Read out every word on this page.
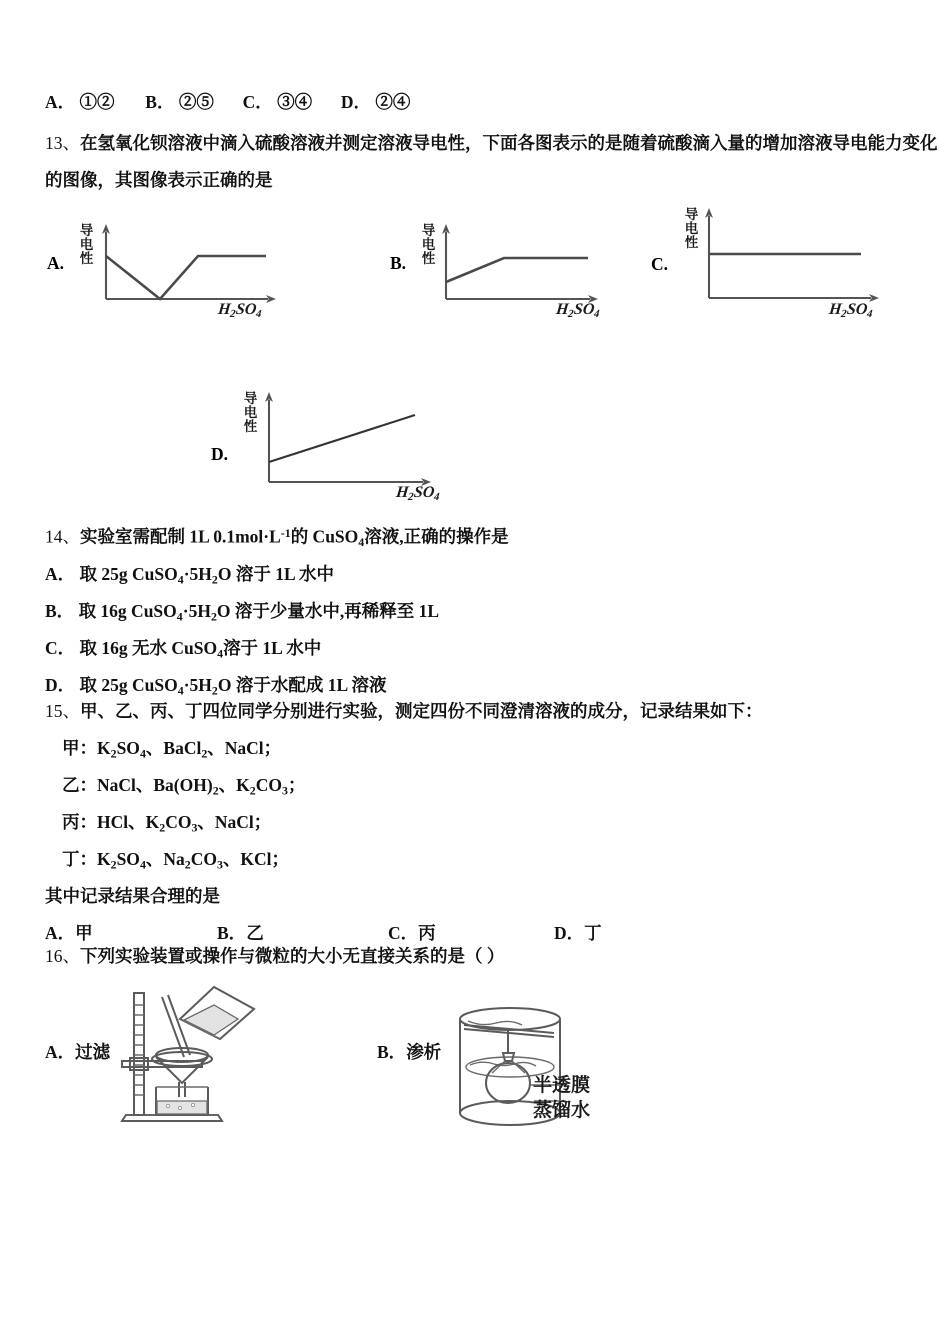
A． ①② B． ②⑤ C． ③④ D． ②④
13、在氢氧化钡溶液中滴入硫酸溶液并测定溶液导电性，下面各图表示的是随着硫酸滴入量的增加溶液导电能力变化
的图像，其图像表示正确的是
A.
导电性
$H_2SO_4$
B.
导电性
$H_2SO_4$
C.
导电性
$H_2SO_4$
D.
导电性
$H_2SO_4$
14、实验室需配制 1L $0.1mol\cdot L^{-1}$的 CuSO$_4$溶液,正确的操作是
A． 取 25g $CuSO_4\cdot 5H_2O$ 溶于 1L 水中
B． 取 16g $CuSO_4\cdot 5H_2O$ 溶于少量水中,再稀释至 1L
C． 取 16g 无水 CuSO$_4$溶于 1L 水中
D． 取 25g $CuSO_4\cdot 5H_2O$ 溶于水配成 1L 溶液
15、甲、乙、丙、丁四位同学分别进行实验，测定四份不同澄清溶液的成分，记录结果如下：
甲：$K_2SO_4$、BaCl$_2$、NaCl；
乙：NaCl、$Ba(OH)_2$、$K_2CO_3$；
丙：HCl、$K_2CO_3$、NaCl；
丁：$K_2SO_4$、$Na_2CO_3$、KCl；
其中记录结果合理的是
A．甲	B．乙	C．丙	D．丁
16、下列实验装置或操作与微粒的大小无直接关系的是（ ）
A．过滤	B．渗析
半透膜
蒸馏水
